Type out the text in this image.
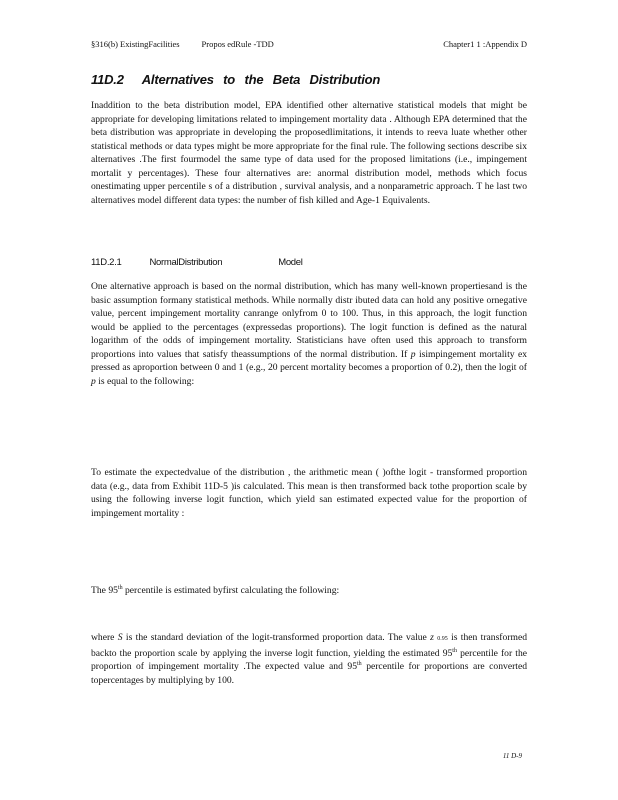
§316(b) ExistingFacilities	Propos edRule -TDD	Chapter1 1 :Appendix D
11D.2 Alternatives to the Beta Distribution

Inaddition to the beta distribution model, EPA identified other alternative statistical models that might be appropriate for developing limitations related to impingement mortality data . Although EPA determined that the beta distribution was appropriate in developing the proposedlimitations, it intends to reeva luate whether other statistical methods or data types might be more appropriate for the final rule. The following sections describe six alternatives .The first fourmodel the same type of data used for the proposed limitations (i.e., impingement mortalit y percentages). These four alternatives are: anormal distribution model, methods which focus onestimating upper percentile s of a distribution , survival analysis, and a nonparametric approach. T he last two alternatives model different data types: the number of fish killed and Age-1 Equivalents.

11D.2.1	NormalDistribution	Model

One alternative approach is based on the normal distribution, which has many well-known propertiesand is the basic assumption formany statistical methods. While normally distr ibuted data can hold any positive ornegative value, percent impingement mortality canrange onlyfrom 0 to 100. Thus, in this approach, the logit function would be applied to the percentages (expressedas proportions). The logit function is defined as the natural logarithm of the odds of impingement mortality. Statisticians have often used this approach to transform proportions into values that satisfy theassumptions of the normal distribution. If p isimpingement mortality ex pressed as aproportion between 0 and 1 (e.g., 20 percent mortality becomes a proportion of 0.2), then the logit of p is equal to the following:

To estimate the expectedvalue of the distribution , the arithmetic mean ( )ofthe logit - transformed proportion data (e.g., data from Exhibit 11D-5 )is calculated. This mean is then transformed back tothe proportion scale by using the following inverse logit function, which yield san estimated expected value for the proportion of impingement mortality :

The 95th percentile is estimated byfirst calculating the following:

where S is the standard deviation of the logit-transformed proportion data. The value z 0.95 is then transformed backto the proportion scale by applying the inverse logit function, yielding the estimated 95th percentile for the proportion of impingement mortality .The expected value and 95th percentile for proportions are converted topercentages by multiplying by 100.

11 D-9
